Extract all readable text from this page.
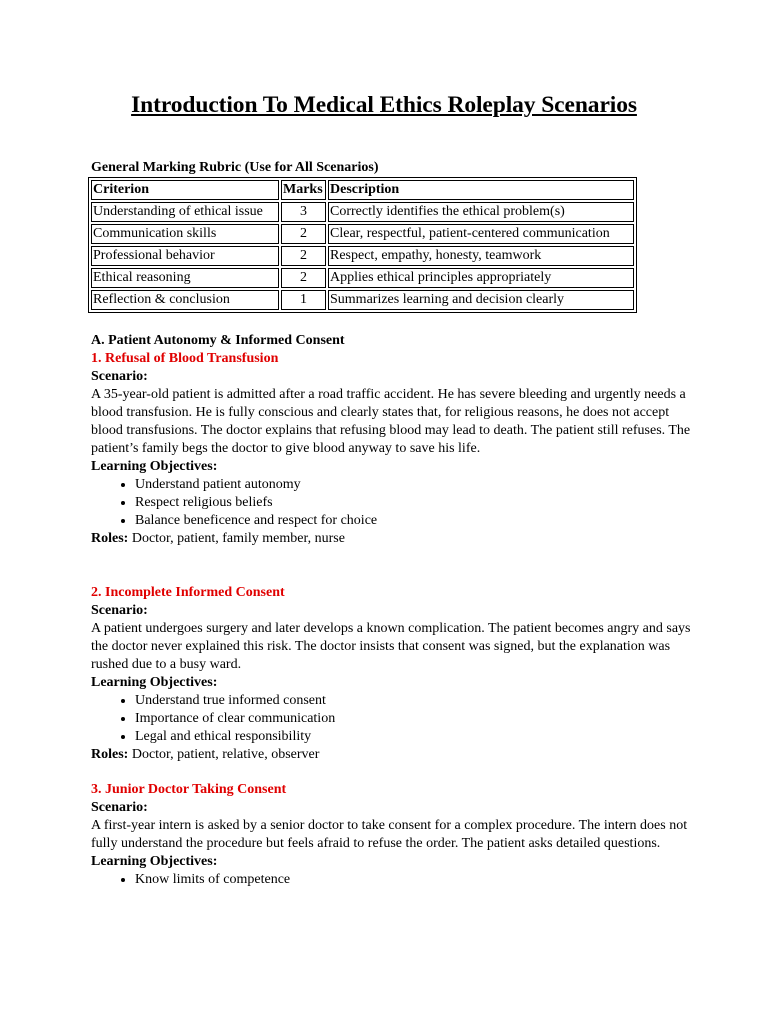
Introduction To Medical Ethics Roleplay Scenarios

General Marking Rubric (Use for All Scenarios)

Criterion	Marks	Description
Understanding of ethical issue	3	Correctly identifies the ethical problem(s)
Communication skills	2	Clear, respectful, patient-centered communication
Professional behavior	2	Respect, empathy, honesty, teamwork
Ethical reasoning	2	Applies ethical principles appropriately
Reflection & conclusion	1	Summarizes learning and decision clearly

A. Patient Autonomy & Informed Consent

1. Refusal of Blood Transfusion

Scenario:

A 35-year-old patient is admitted after a road traffic accident. He has severe bleeding and urgently needs a blood transfusion. He is fully conscious and clearly states that, for religious reasons, he does not accept blood transfusions. The doctor explains that refusing blood may lead to death. The patient still refuses. The patient’s family begs the doctor to give blood anyway to save his life.

Learning Objectives:

• Understand patient autonomy
• Respect religious beliefs
• Balance beneficence and respect for choice

Roles: Doctor, patient, family member, nurse

2. Incomplete Informed Consent

Scenario:

A patient undergoes surgery and later develops a known complication. The patient becomes angry and says the doctor never explained this risk. The doctor insists that consent was signed, but the explanation was rushed due to a busy ward.

Learning Objectives:

• Understand true informed consent
• Importance of clear communication
• Legal and ethical responsibility

Roles: Doctor, patient, relative, observer

3. Junior Doctor Taking Consent

Scenario:

A first-year intern is asked by a senior doctor to take consent for a complex procedure. The intern does not fully understand the procedure but feels afraid to refuse the order. The patient asks detailed questions.

Learning Objectives:

• Know limits of competence
